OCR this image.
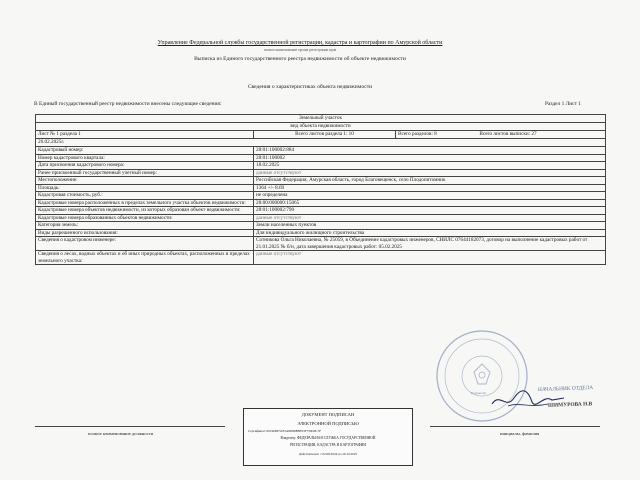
Управление Федеральной службы государственной регистрации, кадастра и картографии по Амурской области
полное наименование органа регистрации прав
Выписка из Единого государственного реестра недвижимости об объекте недвижимости
Сведения о характеристиках объекта недвижимости
В Единый государственный реестр недвижимости внесены следующие сведения:	Раздел 1 Лист 1
Земельный участок		
вид объекта недвижимости		
Лист № 1 раздела 1	Всего листов раздела 1: 10	Всего разделов: 8 Всего листов выписки: 27
26.02.2025г.		
Кадастровый номер:	28:01:100002:884	
Номер кадастрового квартала:	28:01:100002	
Дата присвоения кадастрового номера:	18.02.2025	
Ранее присвоенный государственный учетный номер:	данные отсутствуют	
Местоположение:	Российская Федерация, Амурская область, город Благовещенск, село Плодопитомник	
Площадь:	1364 +/- 8.69	
Кадастровая стоимость, руб.:	не определена	
Кадастровые номера расположенных в пределах земельного участка объектов недвижимости:	28:00:000000:15065	
Кадастровые номера объектов недвижимости, из которых образован объект недвижимости:	28:01:100002:790	
Кадастровые номера образованных объектов недвижимости:	данные отсутствуют	
Категория земель:	Земли населенных пунктов	
Виды разрешенного использования:	Для индивидуального жилищного строительства	
Сведения о кадастровом инженере:	Сотникова Ольга Николаевна, № 25059, в Объединение кадастровых инженеров, СНИЛС 07644182073, договор на выполнение кадастровых работ от 21.01.2025 № б/н, дата завершения кадастровых работ: 05.02.2025	
Сведения о лесах, водных объектах и об иных природных объектах, расположенных в пределах земельного участка:	данные отсутствуют	
полное наименование должности	инициалы, фамилия
ДОКУМЕНТ ПОДПИСАН
ЭЛЕКТРОННОЙ ПОДПИСЬЮ
Сертификат: 0019D0E52F2A8D98B8F63F750D9C7F
Владелец: ФЕДЕРАЛЬНАЯ СЛУЖБА ГОСУДАРСТВЕННОЙ
РЕГИСТРАЦИИ, КАДАСТРА И КАРТОГРАФИИ
Действителен: с 02.08.2024 по 26.10.2025
Росреестр
НАЧАЛЬНИК ОТДЕЛА
ШИМУРОВА Н.В
